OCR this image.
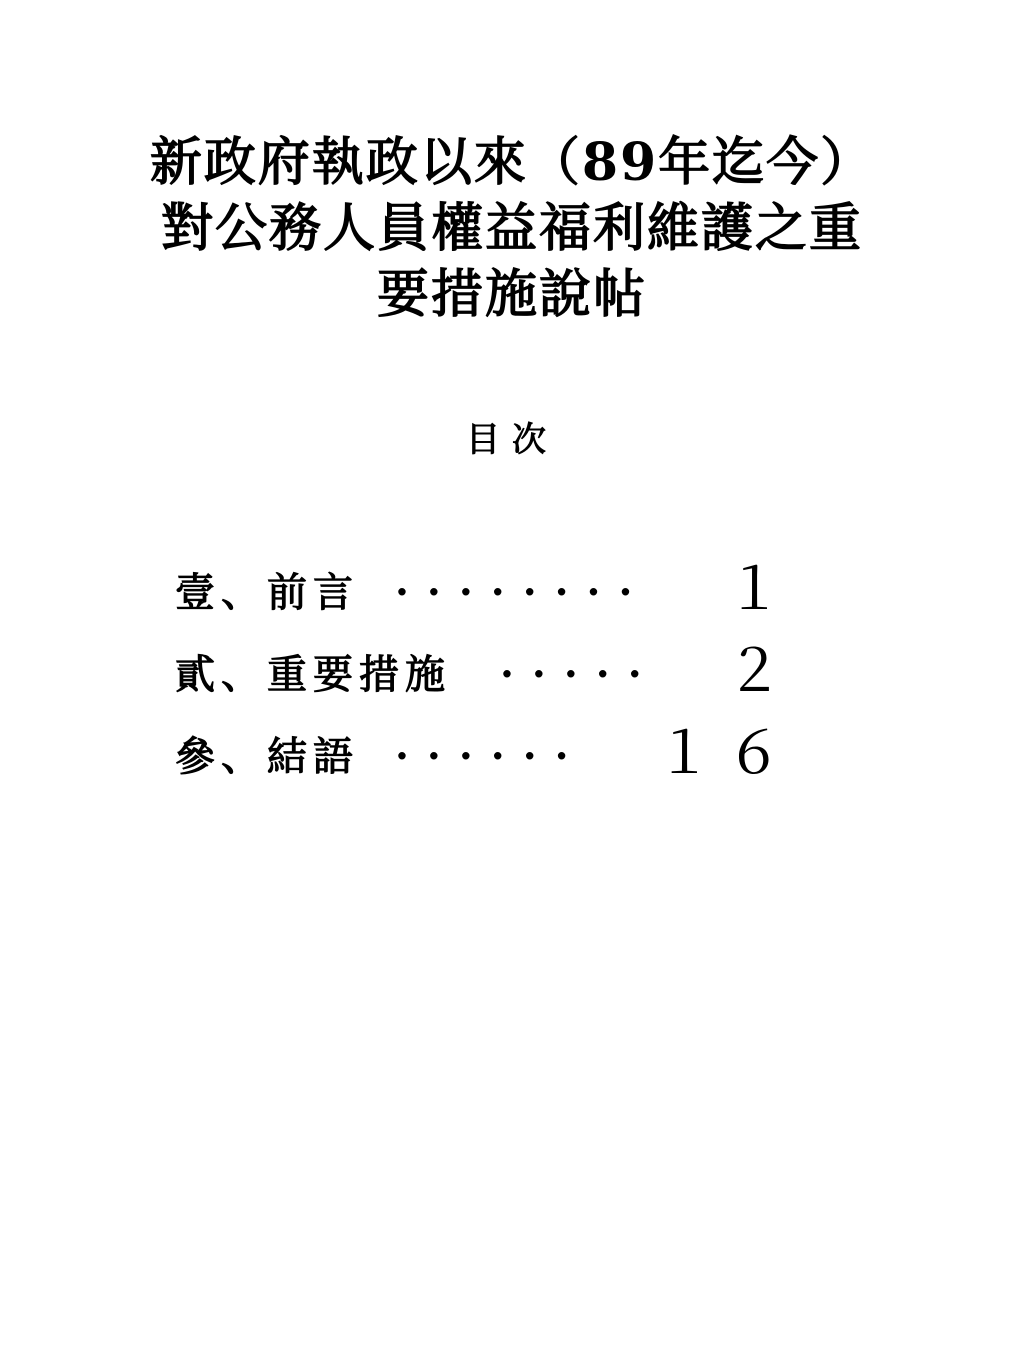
新政府執政以來（89年迄今）
對公務人員權益福利維護之重
要措施說帖
目次
壹、前言 ········ １
貳、重要措施 ····· ２
參、結語 ······ １６
